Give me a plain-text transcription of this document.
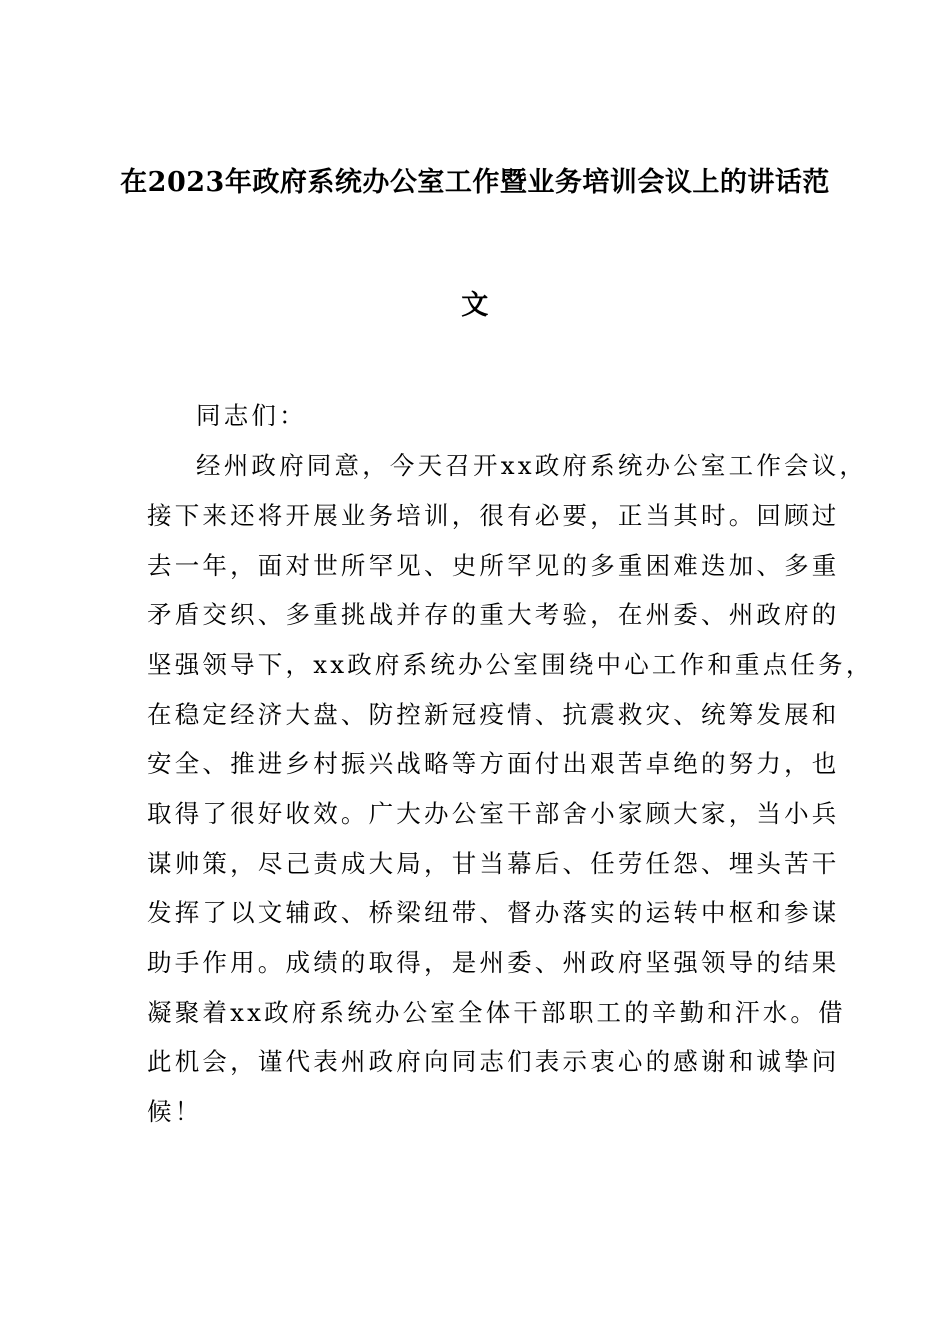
在2023年政府系统办公室工作暨业务培训会议上的讲话范
文
同志们：
经州政府同意，今天召开xx政府系统办公室工作会议，
接下来还将开展业务培训，很有必要，正当其时。回顾过
去一年，面对世所罕见、史所罕见的多重困难迭加、多重
矛盾交织、多重挑战并存的重大考验，在州委、州政府的
坚强领导下，xx政府系统办公室围绕中心工作和重点任务，
在稳定经济大盘、防控新冠疫情、抗震救灾、统筹发展和
安全、推进乡村振兴战略等方面付出艰苦卓绝的努力，也
取得了很好收效。广大办公室干部舍小家顾大家，当小兵
谋帅策，尽己责成大局，甘当幕后、任劳任怨、埋头苦干
发挥了以文辅政、桥梁纽带、督办落实的运转中枢和参谋
助手作用。成绩的取得，是州委、州政府坚强领导的结果
凝聚着xx政府系统办公室全体干部职工的辛勤和汗水。借
此机会，谨代表州政府向同志们表示衷心的感谢和诚挚问
候！
